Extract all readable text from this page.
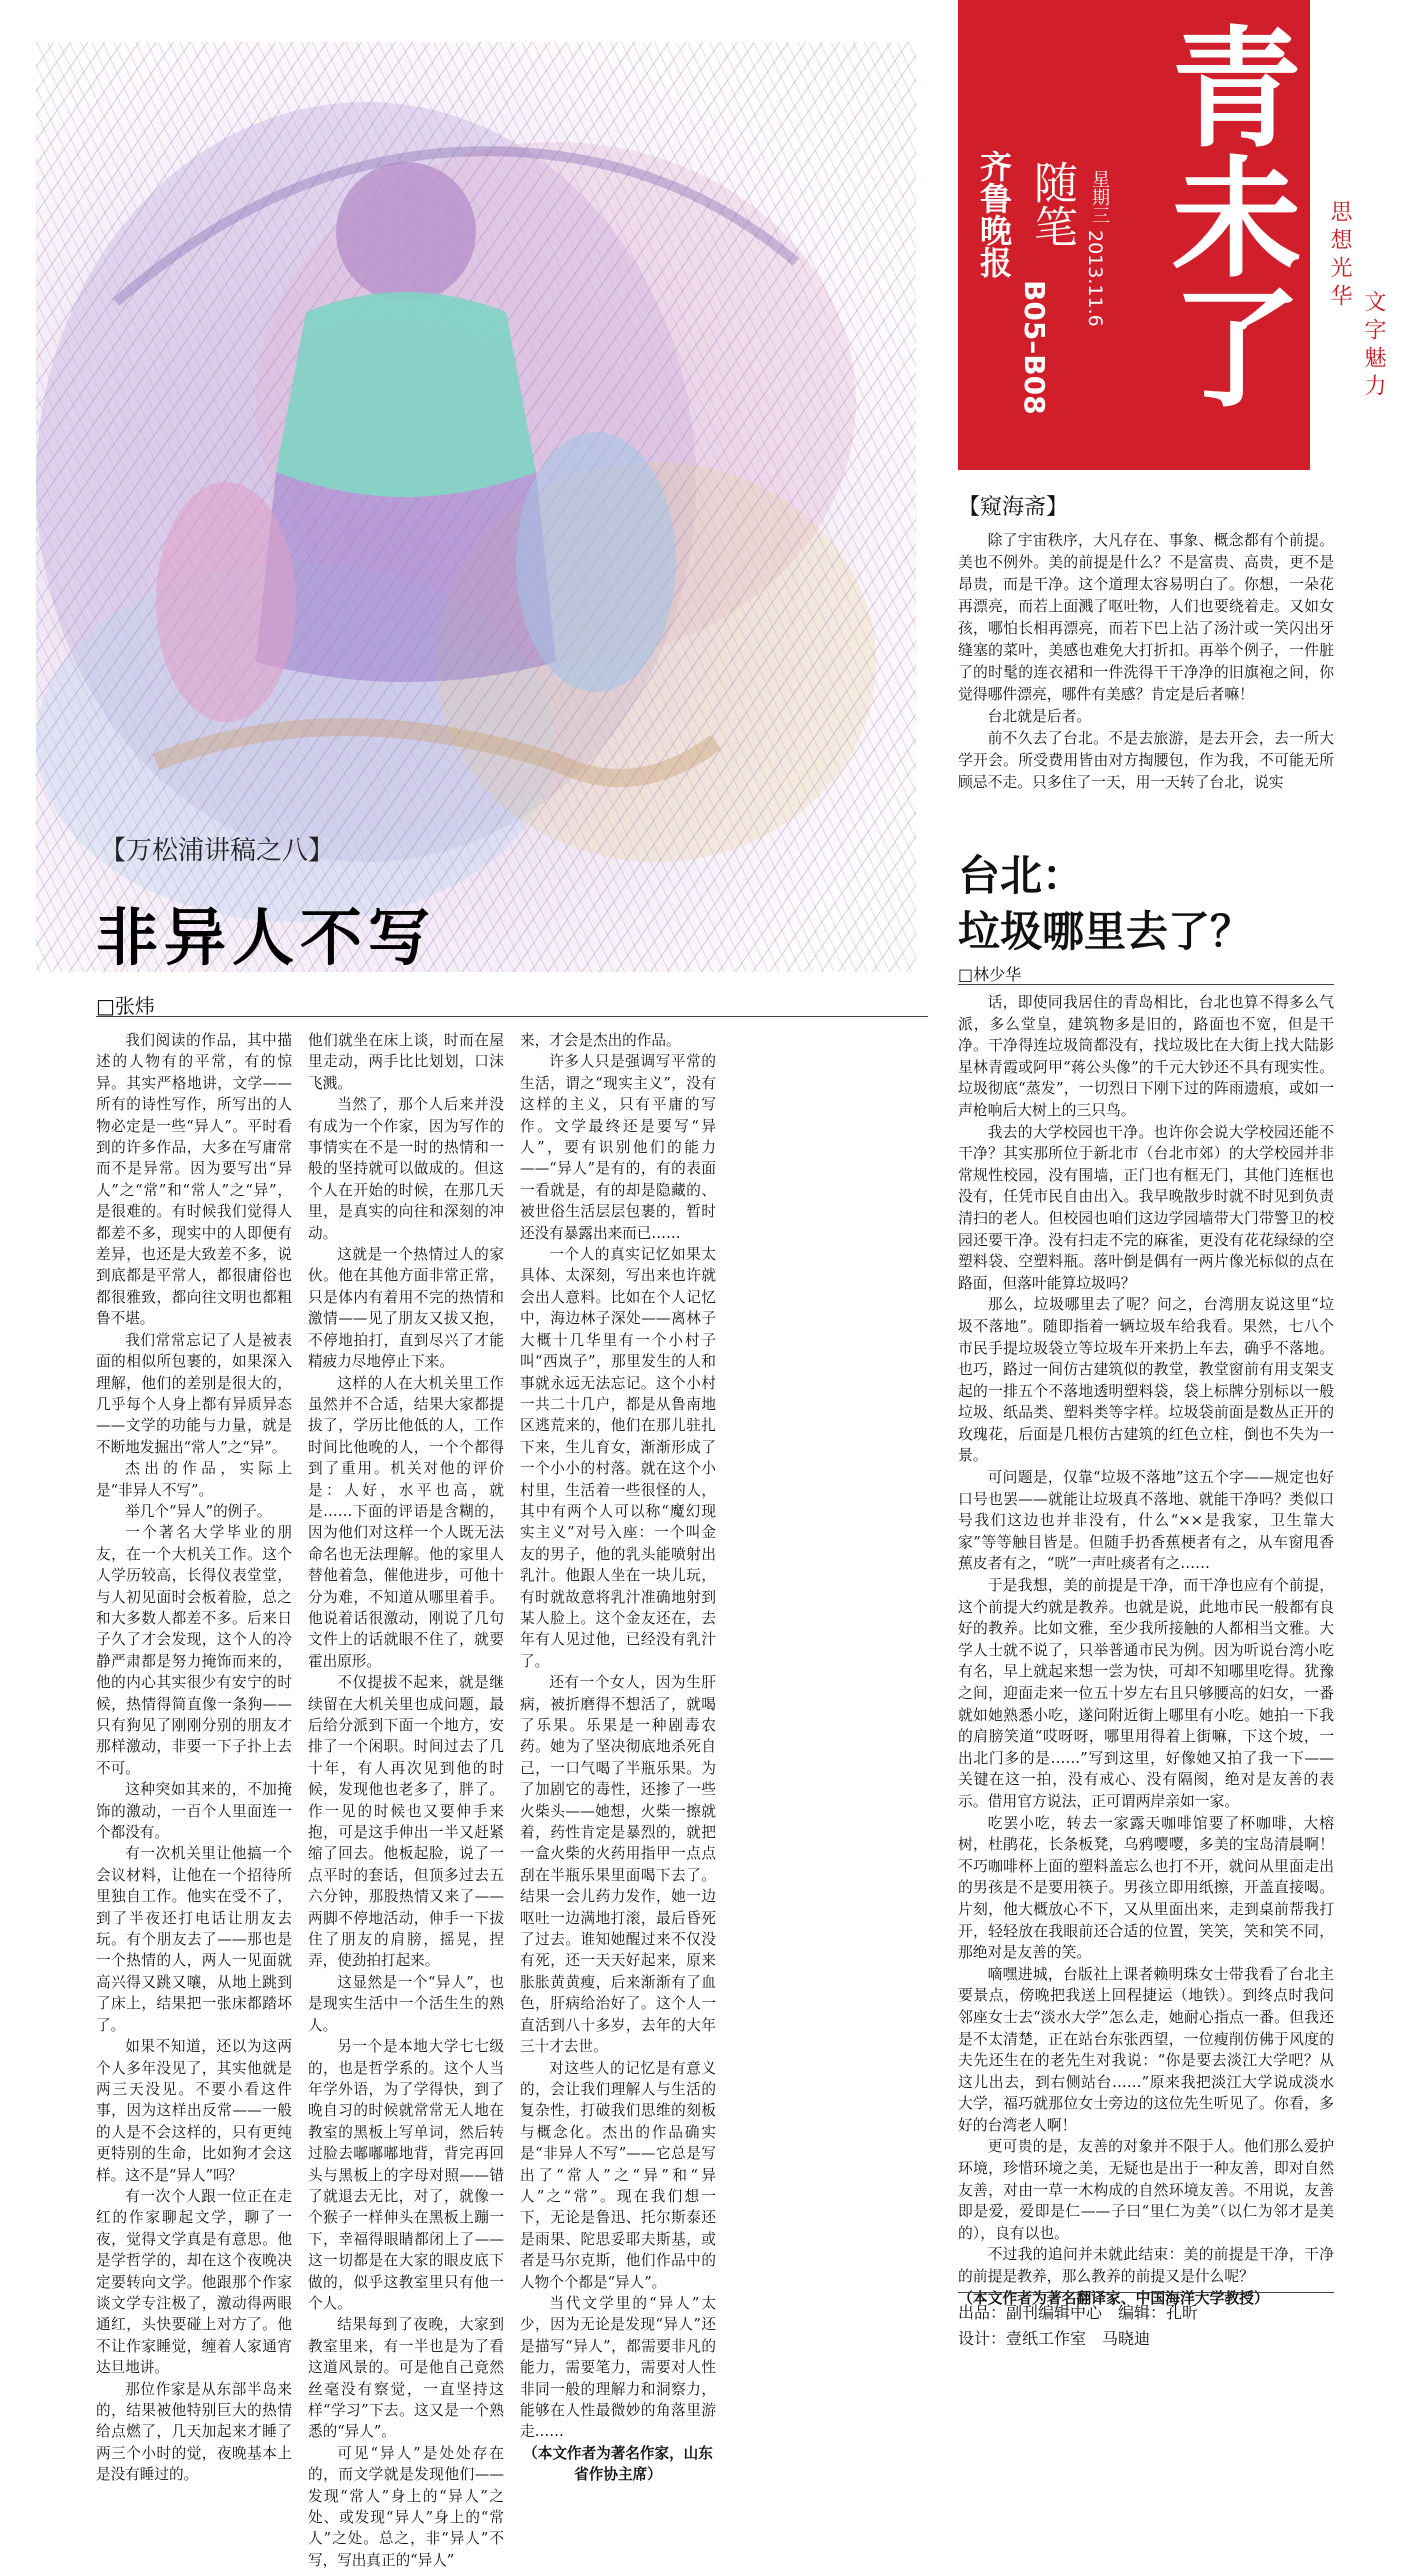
【万松浦讲稿之八】
非异人不写
□张炜
齐鲁晚报 随笔
B05–B08
星期三
2013.11.6 青未了 思想光华
文字魅力
【窥海斋】

除了宇宙秩序，大凡存在、事象、概念都有个前提。美也不例外。美的前提是什么？不是富贵、高贵，更不是昂贵，而是干净。这个道理太容易明白了。你想，一朵花再漂亮，而若上面溅了呕吐物，人们也要绕着走。又如女孩，哪怕长相再漂亮，而若下巴上沾了汤汁或一笑闪出牙缝塞的菜叶，美感也难免大打折扣。再举个例子，一件脏了的时髦的连衣裙和一件洗得干干净净的旧旗袍之间，你觉得哪件漂亮，哪件有美感？肯定是后者嘛！

台北就是后者。

前不久去了台北。不是去旅游，是去开会，去一所大学开会。所受费用皆由对方掏腰包，作为我，不可能无所顾忌不走。只多住了一天，用一天转了台北，说实

台北：
垃圾哪里去了？
□林少华

话，即使同我居住的青岛相比，台北也算不得多么气派，多么堂皇，建筑物多是旧的，路面也不宽，但是干净。干净得连垃圾筒都没有，找垃圾比在大街上找大陆影星林青霞或阿甲“蒋公头像”的千元大钞还不具有现实性。垃圾彻底“蒸发”，一切烈日下刚下过的阵雨遗痕，或如一声枪响后大树上的三只鸟。

我去的大学校园也干净。也许你会说大学校园还能不干净？其实那所位于新北市（台北市郊）的大学校园并非常规性校园，没有围墙，正门也有框无门，其他门连框也没有，任凭市民自由出入。我早晚散步时就不时见到负责清扫的老人。但校园也咱们这边学园墙带大门带警卫的校园还要干净。没有扫走不完的麻雀，更没有花花绿绿的空塑料袋、空塑料瓶。落叶倒是偶有一两片像光标似的点在路面，但落叶能算垃圾吗？

那么，垃圾哪里去了呢？问之，台湾朋友说这里“垃圾不落地”。随即指着一辆垃圾车给我看。果然，七八个市民手提垃圾袋立等垃圾车开来扔上车去，确乎不落地。也巧，路过一间仿古建筑似的教堂，教堂窗前有用支架支起的一排五个不落地透明塑料袋，袋上标牌分别标以一般垃圾、纸品类、塑料类等字样。垃圾袋前面是数丛正开的玫瑰花，后面是几根仿古建筑的红色立柱，倒也不失为一景。

可问题是，仅靠“垃圾不落地”这五个字——规定也好口号也罢——就能让垃圾真不落地、就能干净吗？类似口号我们这边也并非没有，什么“××是我家，卫生靠大家”等等触目皆是。但随手扔香蕉梗者有之，从车窗甩香蕉皮者有之，“咣”一声吐痰者有之……

于是我想，美的前提是干净，而干净也应有个前提，这个前提大约就是教养。也就是说，此地市民一般都有良好的教养。比如文雅，至少我所接触的人都相当文雅。大学人士就不说了，只举普通市民为例。因为听说台湾小吃有名，早上就起来想一尝为快，可却不知哪里吃得。犹豫之间，迎面走来一位五十岁左右且只够腰高的妇女，一番就如她熟悉小吃，遂问附近街上哪里有小吃。她拍一下我的肩膀笑道“哎呀呀，哪里用得着上街嘛，下这个坡，一出北门多的是……”写到这里，好像她又拍了我一下——关键在这一拍，没有戒心、没有隔阂，绝对是友善的表示。借用官方说法，正可谓两岸亲如一家。

吃罢小吃，转去一家露天咖啡馆要了杯咖啡，大榕树，杜鹃花，长条板凳，乌鸦嘤嘤，多美的宝岛清晨啊！不巧咖啡杯上面的塑料盖忘么也打不开，就问从里面走出的男孩是不是要用筷子。男孩立即用纸擦，开盖直接喝。片刻，他大概放心不下，又从里面出来，走到桌前帮我打开，轻轻放在我眼前还合适的位置，笑笑，笑和笑不同，那绝对是友善的笑。

嘀嘿进城，台版社上课者赖明珠女士带我看了台北主要景点，傍晚把我送上回程捷运（地铁）。到终点时我问邻座女士去“淡水大学”怎么走，她耐心指点一番。但我还是不太清楚，正在站台东张西望，一位瘦削仿佛于风度的夫先还生在的老先生对我说：“你是要去淡江大学吧？从这儿出去，到右侧站台……”原来我把淡江大学说成淡水大学，福巧就那位女士旁边的这位先生听见了。你看，多好的台湾老人啊！

更可贵的是，友善的对象并不限于人。他们那么爱护环境，珍惜环境之美，无疑也是出于一种友善，即对自然友善，对由一草一木构成的自然环境友善。不用说，友善即是爱，爱即是仁——子曰“里仁为美”（以仁为邻才是美的），良有以也。

不过我的追问并未就此结束：美的前提是干净，干净的前提是教养，那么教养的前提又是什么呢？

（本文作者为著名翻译家、中国海洋大学教授）

我们阅读的作品，其中描述的人物有的平常，有的惊异。其实严格地讲，文学——所有的诗性写作，所写出的人物必定是一些“异人”。平时看到的许多作品，大多在写庸常而不是异常。因为要写出“异人”之“常”和“常人”之“异”，是很难的。有时候我们觉得人都差不多，现实中的人即便有差异，也还是大致差不多，说到底都是平常人，都很庸俗也都很雅致，都向往文明也都粗鲁不堪。

我们常常忘记了人是被表面的相似所包裹的，如果深入理解，他们的差别是很大的，几乎每个人身上都有异质异态——文学的功能与力量，就是不断地发掘出“常人”之“异”。

杰出的作品，实际上是“非异人不写”。

举几个“异人”的例子。

一个著名大学毕业的朋友，在一个大机关工作。这个人学历较高，长得仪表堂堂，与人初见面时会板着脸，总之和大多数人都差不多。后来日子久了才会发现，这个人的冷静严肃都是努力掩饰而来的，他的内心其实很少有安宁的时候，热情得简直像一条狗——只有狗见了刚刚分别的朋友才那样激动，非要一下子扑上去不可。

这种突如其来的，不加掩饰的激动，一百个人里面连一个都没有。

有一次机关里让他搞一个会议材料，让他在一个招待所里独自工作。他实在受不了，到了半夜还打电话让朋友去玩。有个朋友去了——那也是一个热情的人，两人一见面就高兴得又跳又嚷，从地上跳到了床上，结果把一张床都踏坏了。

如果不知道，还以为这两个人多年没见了，其实他就是两三天没见。不要小看这件事，因为这样出反常——一般的人是不会这样的，只有更纯更特别的生命，比如狗才会这样。这不是“异人”吗？

有一次个人跟一位正在走红的作家聊起文学，聊了一夜，觉得文学真是有意思。他是学哲学的，却在这个夜晚决定要转向文学。他跟那个作家谈文学专注极了，激动得两眼通红，头快要碰上对方了。他不让作家睡觉，缠着人家通宵达旦地讲。

那位作家是从东部半岛来的，结果被他特别巨大的热情给点燃了，几天加起来才睡了两三个小时的觉，夜晚基本上是没有睡过的。

他们就坐在床上谈，时而在屋里走动，两手比比划划，口沫飞溅。

当然了，那个人后来并没有成为一个作家，因为写作的事情实在不是一时的热情和一般的坚持就可以做成的。但这个人在开始的时候，在那几天里，是真实的向往和深刻的冲动。

这就是一个热情过人的家伙。他在其他方面非常正常，只是体内有着用不完的热情和激情——见了朋友又拔又抱，不停地拍打，直到尽兴了才能精疲力尽地停止下来。

这样的人在大机关里工作虽然并不合适，结果大家都提拔了，学历比他低的人，工作时间比他晚的人，一个个都得到了重用。机关对他的评价是：人好，水平也高，就是……下面的评语是含糊的，因为他们对这样一个人既无法命名也无法理解。他的家里人替他着急，催他进步，可他十分为难，不知道从哪里着手。他说着话很激动，刚说了几句文件上的话就眼不住了，就要霍出原形。

不仅提拔不起来，就是继续留在大机关里也成问题，最后给分派到下面一个地方，安排了一个闲职。时间过去了几十年，有人再次见到他的时候，发现他也老多了，胖了。作一见的时候也又要伸手来抱，可是这手伸出一半又赶紧缩了回去。他板起脸，说了一点平时的套话，但顶多过去五六分钟，那股热情又来了——两脚不停地活动，伸手一下拔住了朋友的肩膀，摇晃，捏弄，使劲拍打起来。

这显然是一个“异人”，也是现实生活中一个活生生的熟人。

另一个是本地大学七七级的，也是哲学系的。这个人当年学外语，为了学得快，到了晚自习的时候就常常无人地在教室的黑板上写单词，然后转过脸去嘟嘟嘟地背，背完再回头与黑板上的字母对照——错了就退去无比，对了，就像一个猴子一样伸头在黑板上蹦一下，幸福得眼睛都闭上了——这一切都是在大家的眼皮底下做的，似乎这教室里只有他一个人。

结果每到了夜晚，大家到教室里来，有一半也是为了看这道风景的。可是他自己竟然丝毫没有察觉，一直坚持这样“学习”下去。这又是一个熟悉的“异人”。

可见“异人”是处处存在的，而文学就是发现他们——发现“常人”身上的“异人”之处、或发现“异人”身上的“常人”之处。总之，非“异人”不写，写出真正的“异人”

来，才会是杰出的作品。

许多人只是强调写平常的生活，谓之“现实主义”，没有这样的主义，只有平庸的写作。文学最终还是要写“异人”，要有识别他们的能力——“异人”是有的，有的表面一看就是，有的却是隐藏的、被世俗生活层层包裹的，暂时还没有暴露出来而已……

一个人的真实记忆如果太具体、太深刻，写出来也许就会出人意料。比如在个人记忆中，海边林子深处——离林子大概十几华里有一个小村子叫“西岚子”，那里发生的人和事就永远无法忘记。这个小村一共二十几户，都是从鲁南地区逃荒来的，他们在那儿驻扎下来，生儿育女，渐渐形成了一个小小的村落。就在这个小村里，生活着一些很怪的人，其中有两个人可以称“魔幻现实主义”对号入座：一个叫金友的男子，他的乳头能喷射出乳汁。他跟人坐在一块儿玩，有时就故意将乳汁准确地射到某人脸上。这个金友还在，去年有人见过他，已经没有乳汁了。

还有一个女人，因为生肝病，被折磨得不想活了，就喝了乐果。乐果是一种剧毒农药。她为了坚决彻底地杀死自己，一口气喝了半瓶乐果。为了加剧它的毒性，还掺了一些火柴头——她想，火柴一擦就着，药性肯定是暴烈的，就把一盒火柴的火药用指甲一点点刮在半瓶乐果里面喝下去了。结果一会儿药力发作，她一边呕吐一边满地打滚，最后昏死了过去。谁知她醒过来不仅没有死，还一天天好起来，原来胀胀黄黄瘦，后来渐渐有了血色，肝病给治好了。这个人一直活到八十多岁，去年的大年三十才去世。

对这些人的记忆是有意义的，会让我们理解人与生活的复杂性，打破我们思维的刻板与概念化。杰出的作品确实是“非异人不写”——它总是写出了“常人”之“异”和“异人”之“常”。现在我们想一下，无论是鲁迅、托尔斯泰还是雨果、陀思妥耶夫斯基，或者是马尔克斯，他们作品中的人物个个都是“异人”。

当代文学里的“异人”太少，因为无论是发现“异人”还是描写“异人”，都需要非凡的能力，需要笔力，需要对人性非同一般的理解力和洞察力，能够在人性最微妙的角落里游走……

（本文作者为著名作家，山东省作协主席）

出品：副刊编辑中心　编辑：孔昕
设计：壹纸工作室　马晓迪
